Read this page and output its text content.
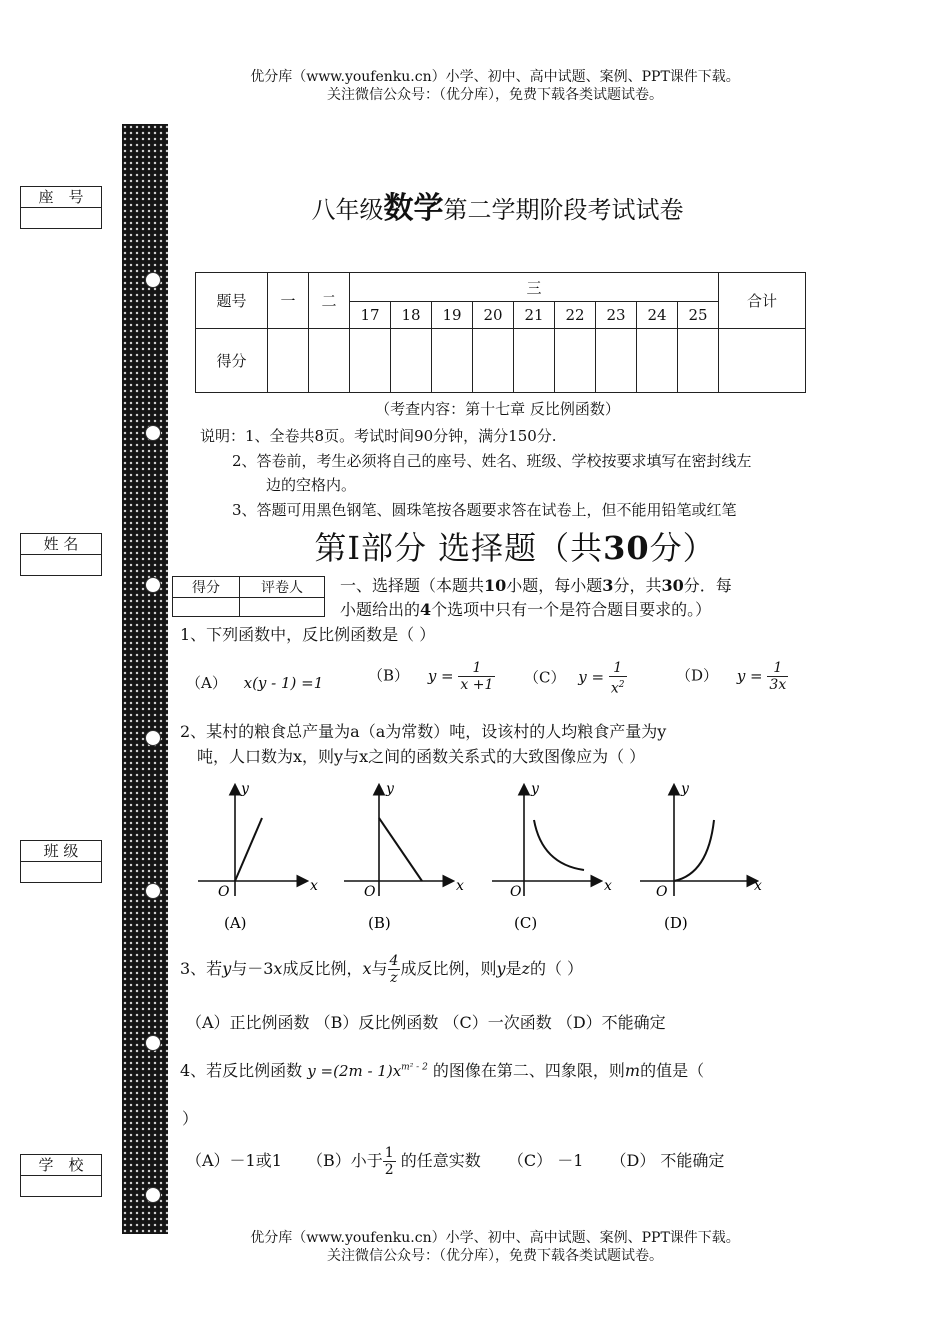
优分库（www.youfenku.cn）小学、初中、高中试题、案例、PPT课件下载。
关注微信公众号：（优分库），免费下载各类试题试卷。
座　号
姓 名
班 级
学　校
八年级数学第二学期阶段考试试卷
题号	一	二	三									合计
			17	18	19	20	21	22	23	24	25	
得分												
（考查内容：第十七章 反比例函数）
说明：1、全卷共8页。考试时间90分钟，满分150分.
2、答卷前，考生必须将自己的座号、姓名、班级、学校按要求填写在密封线左
边的空格内。
3、答题可用黑色钢笔、圆珠笔按各题要求答在试卷上，但不能用铅笔或红笔
第Ⅰ部分 选择题（共30分）
得分	评卷人
	一、选择题（本题共10小题，每小题3分，共30分．每
小题给出的4个选项中只有一个是符合题目要求的。）
1、下列函数中，反比例函数是（ ）
（A） x(y - 1) =1	（B） $y = \frac{1}{x +1} (C) y = \frac{1}{x^2}$	（D） $y = \frac{1}{3x}$
2、某村的粮食总产量为a（a为常数）吨，设该村的人均粮食产量为y
吨，人口数为x，则y与x之间的函数关系式的大致图像应为（ ）
y
x
O
(A)
y
x
O
(B)
y
x
O
(C)
y
x
O
(D)
3、若y与－3x成反比例，x与 $\frac{4}{z}$ 成反比例，则y是z的（ ）
（A）正比例函数 （B）反比例函数 （C）一次函数 （D）不能确定
4、若反比例函数 $y =(2m - 1)x^{m^2 - 2}$ 的图像在第二、四象限，则m的值是（
）
（A）－1或1 （B）小于 $\frac{1}{2}$ 的任意实数 （C） －1 （D） 不能确定
优分库（www.youfenku.cn）小学、初中、高中试题、案例、PPT课件下载。
关注微信公众号：（优分库），免费下载各类试题试卷。
